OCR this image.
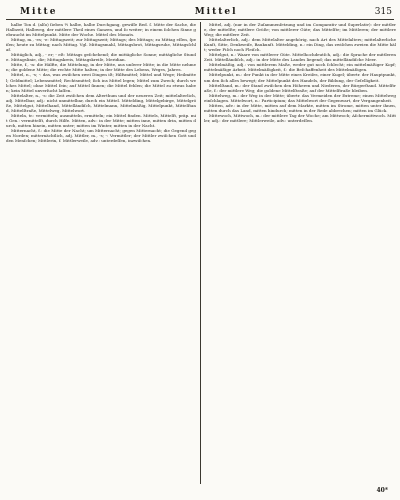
Mitte	Mittel	315

halbe Ton d. (alſo) ſieben ½ halbe, halbe Durchgang, gewiſſe Bed. ſ. Mitte der Sache, die Halbzeit, Halbweg, der mittlere Theil eines Ganzen, und ſo weiter; in einem ſolchen Sinne gebraucht im Mittelpunkt. Mitte der Woche. Mittel des Monats.

Mittag, m., -es; -e: Mittagszeit; zur Mittagszeit; Mittags; des Mittags; zu Mittag eſſen, ſpeiſen; heute zu Mittag; nach Mittag. Vgl. Mittagsmahl, Mittagsbrot, Mittagsruhe, Mittagsſchlaf.

Mittäglich, adj., - er; - eſt: Mittags geſchehend; die mittägliche Sonne; mittägliche Stunde. Mittagslinie, die; Mittagskreis, Mittagskreiſe, Meridian.

Mitte, f., -n: die Hälfte, die Mittelung, in der Mitte, aus unſerer Mitte; in die Mitte nehmen; die goldene Mitte; die rechte Mitte halten; in der Mitte des Lebens, Weges, Jahres.

Mittel, n., -s; -: das, was zwiſchen zwei Dingen iſt; Hilfsmittel; Mittel und Wege; Heilmittel; Geldmittel; Lebensmittel; Rechtsmittel; ſich ins Mittel legen; Mittel zum Zweck; durch welches Mittel; ohne Mittel ſein; auf Mittel ſinnen; die Mittel fehlen; die Mittel zu etwas haben; kein Mittel unverſucht laſſen.

Mittelalter, n., -s: die Zeit zwiſchen dem Alterthum und der neueren Zeit; mittelalterlich, adj. Mittelbar, adj.: nicht unmittelbar, durch ein Mittel. Mittelding, Mittelgebirge, Mittelgröße, Mittelgut, Mittelhand, Mittelländiſch, Mittelmann, Mittelmäßig, Mittelpunkt, Mittelſtand, Mittelſtraße, Mittelweg, Mittelwort.

Mitteln, tr.: vermitteln; ausmitteln, ermitteln; ein Mittel finden. Mittels, Mittelſt, präp. mit Gen.: vermittelſt, durch Hilfe. Mitten, adv.: in der Mitte; mitten inne, mitten drin, mitten durch, mitten hinein, mitten unter; mitten im Winter, mitten in der Nacht.

Mitternacht, f.: die Mitte der Nacht; um Mitternacht; gegen Mitternacht; die Gegend gegen Norden; mitternächtlich, adj. Mittler, m., -s; -: Vermittler; der Mittler zwiſchen Gott und den Menſchen; Mittlerin, f. Mittlerweile, adv.: unterdeſſen, inzwiſchen.

Mittel, adj. (nur in der Zuſammenſetzung und im Comparativ und Superlativ): der mittlere, der mittelſte; mittlere Größe; von mittlerer Güte; das Mittelſte; im Mittleren; der mittlere Weg; die mittlere Zeit.

Mittelalterlich, adj.: dem Mittelalter angehörig, nach Art des Mittelalters; mittelalterliche Kunſt, Sitte, Denkweiſe, Baukunſt. Mittelding, n.: ein Ding, das zwiſchen zweien die Mitte hält; weder Fiſch noch Fleiſch.

Mittelgut, n.: Waare von mittlerer Güte. Mittelhochdeutſch, adj.: die Sprache der mittleren Zeit. Mittelländiſch, adj.: in der Mitte des Landes liegend; das mittelländiſche Meer.

Mittelmäßig, adj.: von mittlerem Maße, weder gut noch ſchlecht; ein mittelmäßiger Kopf; mittelmäßige Arbeit. Mittelmäßigkeit, f.: die Beſchaffenheit des Mittelmäßigen.

Mittelpunkt, m.: der Punkt in der Mitte eines Kreiſes, einer Kugel; übertr. der Hauptpunkt, um den ſich alles bewegt; der Mittelpunkt des Handels, der Bildung, der Geſelligkeit.

Mittelſtand, m.: der Stand zwiſchen den Höheren und Niederen, der Bürgerſtand. Mittelſtraße, f.: der mittlere Weg; die goldene Mittelſtraße; auf der Mittelſtraße bleiben.

Mittelweg, m.: der Weg in der Mitte; übertr. das Vermeiden der Extreme; einen Mittelweg einſchlagen. Mittelwort, n.: Participium; das Mittelwort der Gegenwart, der Vergangenheit.

Mitten, adv.: in der Mitte, mitten auf dem Markte, mitten im Strome, mitten unter ihnen, mitten durch das Land, mitten hindurch; mitten in der Rede abbrechen; mitten im Glück.

Mittewoch, Mittwoch, m.: der mittlere Tag der Woche; am Mittwoch; Aſchermittwoch. Mittler, adj.: der mittlere; Mittlerweile, adv.: unterdeſſen.

40*
